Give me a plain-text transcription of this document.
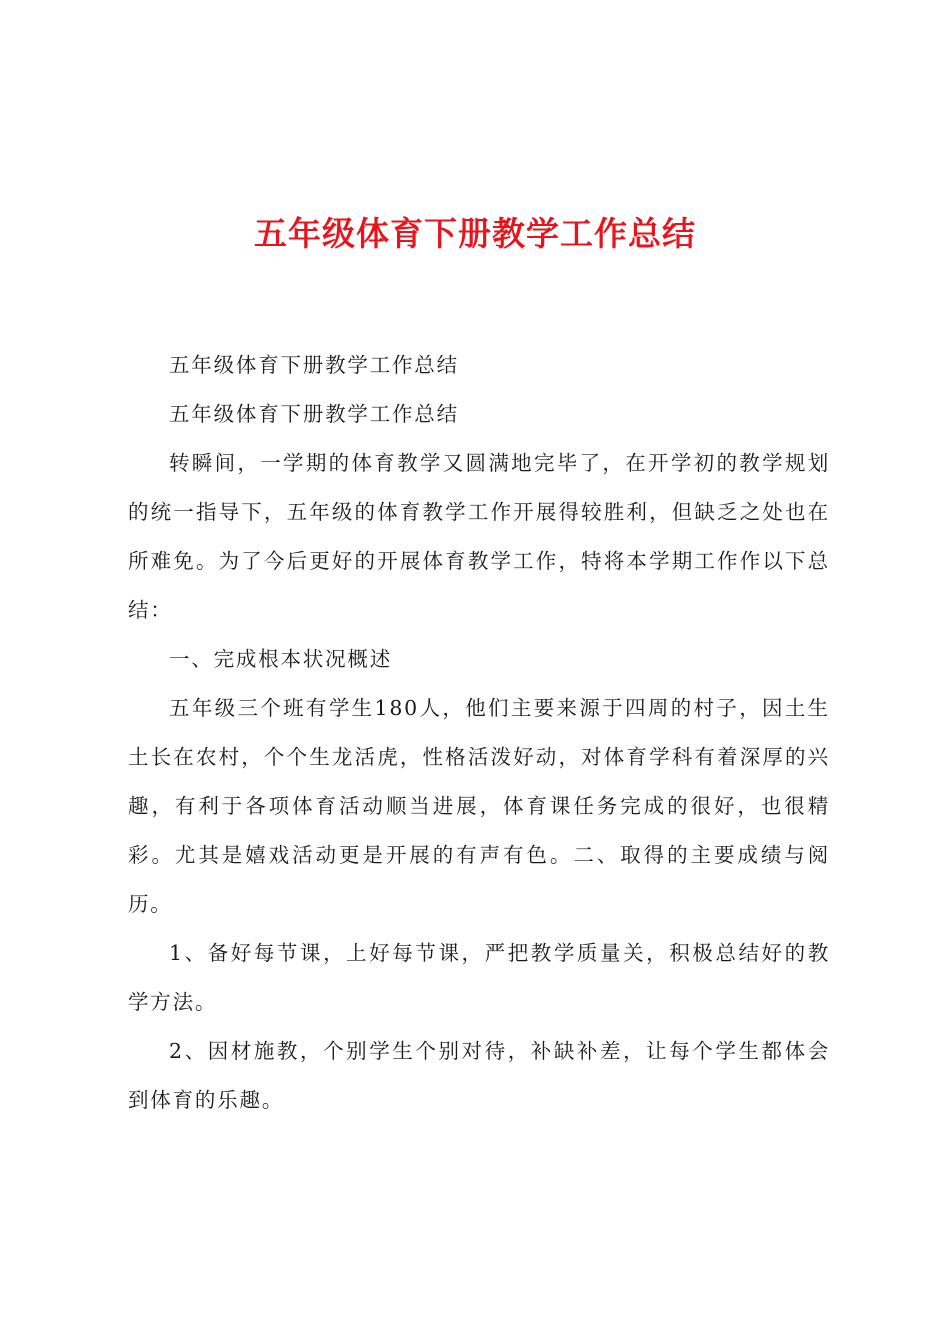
五年级体育下册教学工作总结

五年级体育下册教学工作总结

五年级体育下册教学工作总结

转瞬间，一学期的体育教学又圆满地完毕了，在开学初的教学规划的统一指导下，五年级的体育教学工作开展得较胜利，但缺乏之处也在所难免。为了今后更好的开展体育教学工作，特将本学期工作作以下总结：

一、完成根本状况概述

五年级三个班有学生180人，他们主要来源于四周的村子，因土生土长在农村，个个生龙活虎，性格活泼好动，对体育学科有着深厚的兴趣，有利于各项体育活动顺当进展，体育课任务完成的很好，也很精彩。尤其是嬉戏活动更是开展的有声有色。二、取得的主要成绩与阅历。

1、备好每节课，上好每节课，严把教学质量关，积极总结好的教学方法。

2、因材施教，个别学生个别对待，补缺补差，让每个学生都体会到体育的乐趣。
